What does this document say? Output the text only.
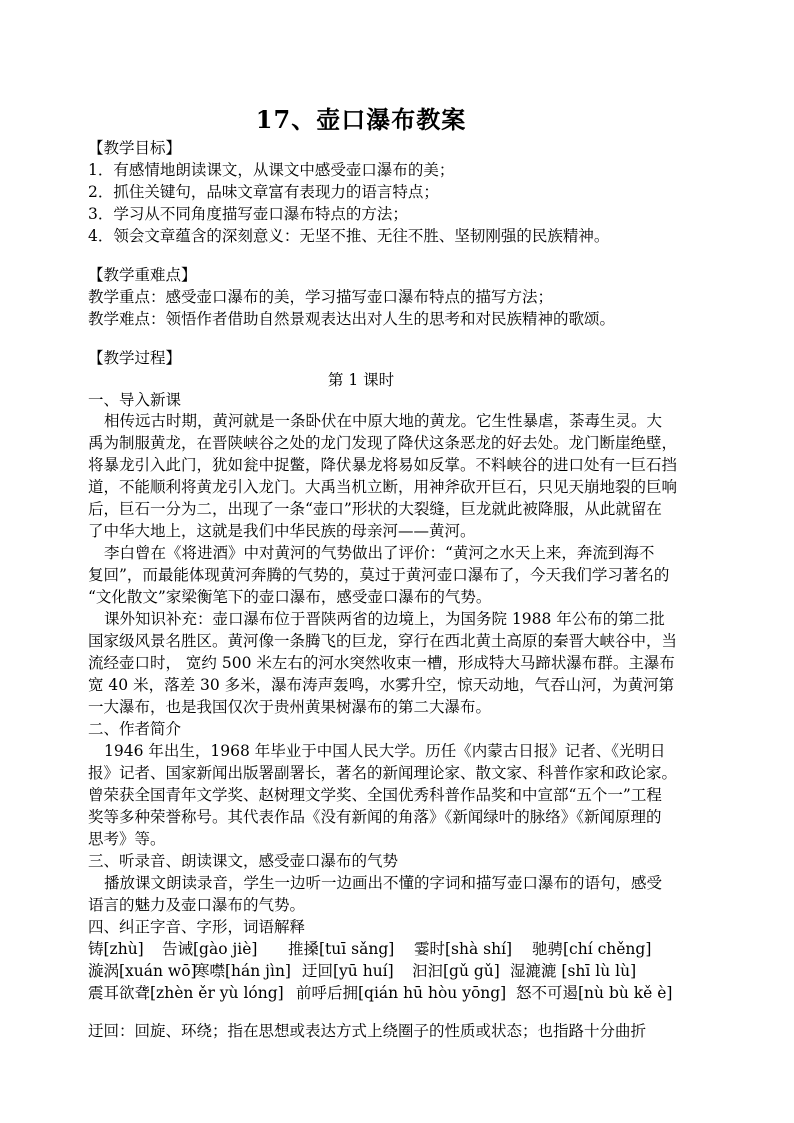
17、壶口瀑布教案
【教学目标】
1．有感情地朗读课文，从课文中感受壶口瀑布的美；
2．抓住关键句，品味文章富有表现力的语言特点；
3．学习从不同角度描写壶口瀑布特点的方法；
4．领会文章蕴含的深刻意义：无坚不推、无往不胜、坚韧刚强的民族精神。
【教学重难点】
教学重点：感受壶口瀑布的美，学习描写壶口瀑布特点的描写方法；
教学难点：领悟作者借助自然景观表达出对人生的思考和对民族精神的歌颂。
【教学过程】
第 1 课时
一、导入新课
相传远古时期，黄河就是一条卧伏在中原大地的黄龙。它生性暴虐，荼毒生灵。大
禹为制服黄龙，在晋陕峡谷之处的龙门发现了降伏这条恶龙的好去处。龙门断崖绝壁，
将暴龙引入此门，犹如瓮中捉鳖，降伏暴龙将易如反掌。不料峡谷的进口处有一巨石挡
道，不能顺利将黄龙引入龙门。大禹当机立断，用神斧砍开巨石，只见天崩地裂的巨响
后，巨石一分为二，出现了一条“壶口”形状的大裂缝，巨龙就此被降服，从此就留在
了中华大地上，这就是我们中华民族的母亲河——黄河。
李白曾在《将进酒》中对黄河的气势做出了评价：“黄河之水天上来，奔流到海不
复回”，而最能体现黄河奔腾的气势的，莫过于黄河壶口瀑布了，今天我们学习著名的
“文化散文”家梁衡笔下的壶口瀑布，感受壶口瀑布的气势。
课外知识补充：壶口瀑布位于晋陕两省的边境上，为国务院 1988 年公布的第二批
国家级风景名胜区。黄河像一条腾飞的巨龙，穿行在西北黄土高原的秦晋大峡谷中，当
流经壶口时， 宽约 500 米左右的河水突然收束一槽，形成特大马蹄状瀑布群。主瀑布
宽 40 米，落差 30 多米，瀑布涛声轰鸣，水雾升空，惊天动地，气吞山河，为黄河第
一大瀑布，也是我国仅次于贵州黄果树瀑布的第二大瀑布。
二、作者简介
1946 年出生，1968 年毕业于中国人民大学。历任《内蒙古日报》记者、《光明日
报》记者、国家新闻出版署副署长，著名的新闻理论家、散文家、科普作家和政论家。
曾荣获全国青年文学奖、赵树理文学奖、全国优秀科普作品奖和中宣部“五个一”工程
奖等多种荣誉称号。其代表作品《没有新闻的角落》《新闻绿叶的脉络》《新闻原理的
思考》等。
三、听录音、朗读课文，感受壶口瀑布的气势
播放课文朗读录音，学生一边听一边画出不懂的字词和描写壶口瀑布的语句，感受
语言的魅力及壶口瀑布的气势。
四、纠正字音、字形，词语解释
铸[zhù] 告诫[gào jiè] 推搡[tuī sǎng] 霎时[shà shí] 驰骋[chí chěng]
漩涡[xuán wō]
寒噤[hán jìn] 迂回[yū huí] 汩汩[gǔ gǔ] 湿漉漉 [shī lù lù]
震耳欲聋[zhèn ěr yù lóng] 前呼后拥[qián hū hòu yōng] 怒不可遏[nù bù kě è]
迂回：回旋、环绕；指在思想或表达方式上绕圈子的性质或状态；也指路十分曲折
